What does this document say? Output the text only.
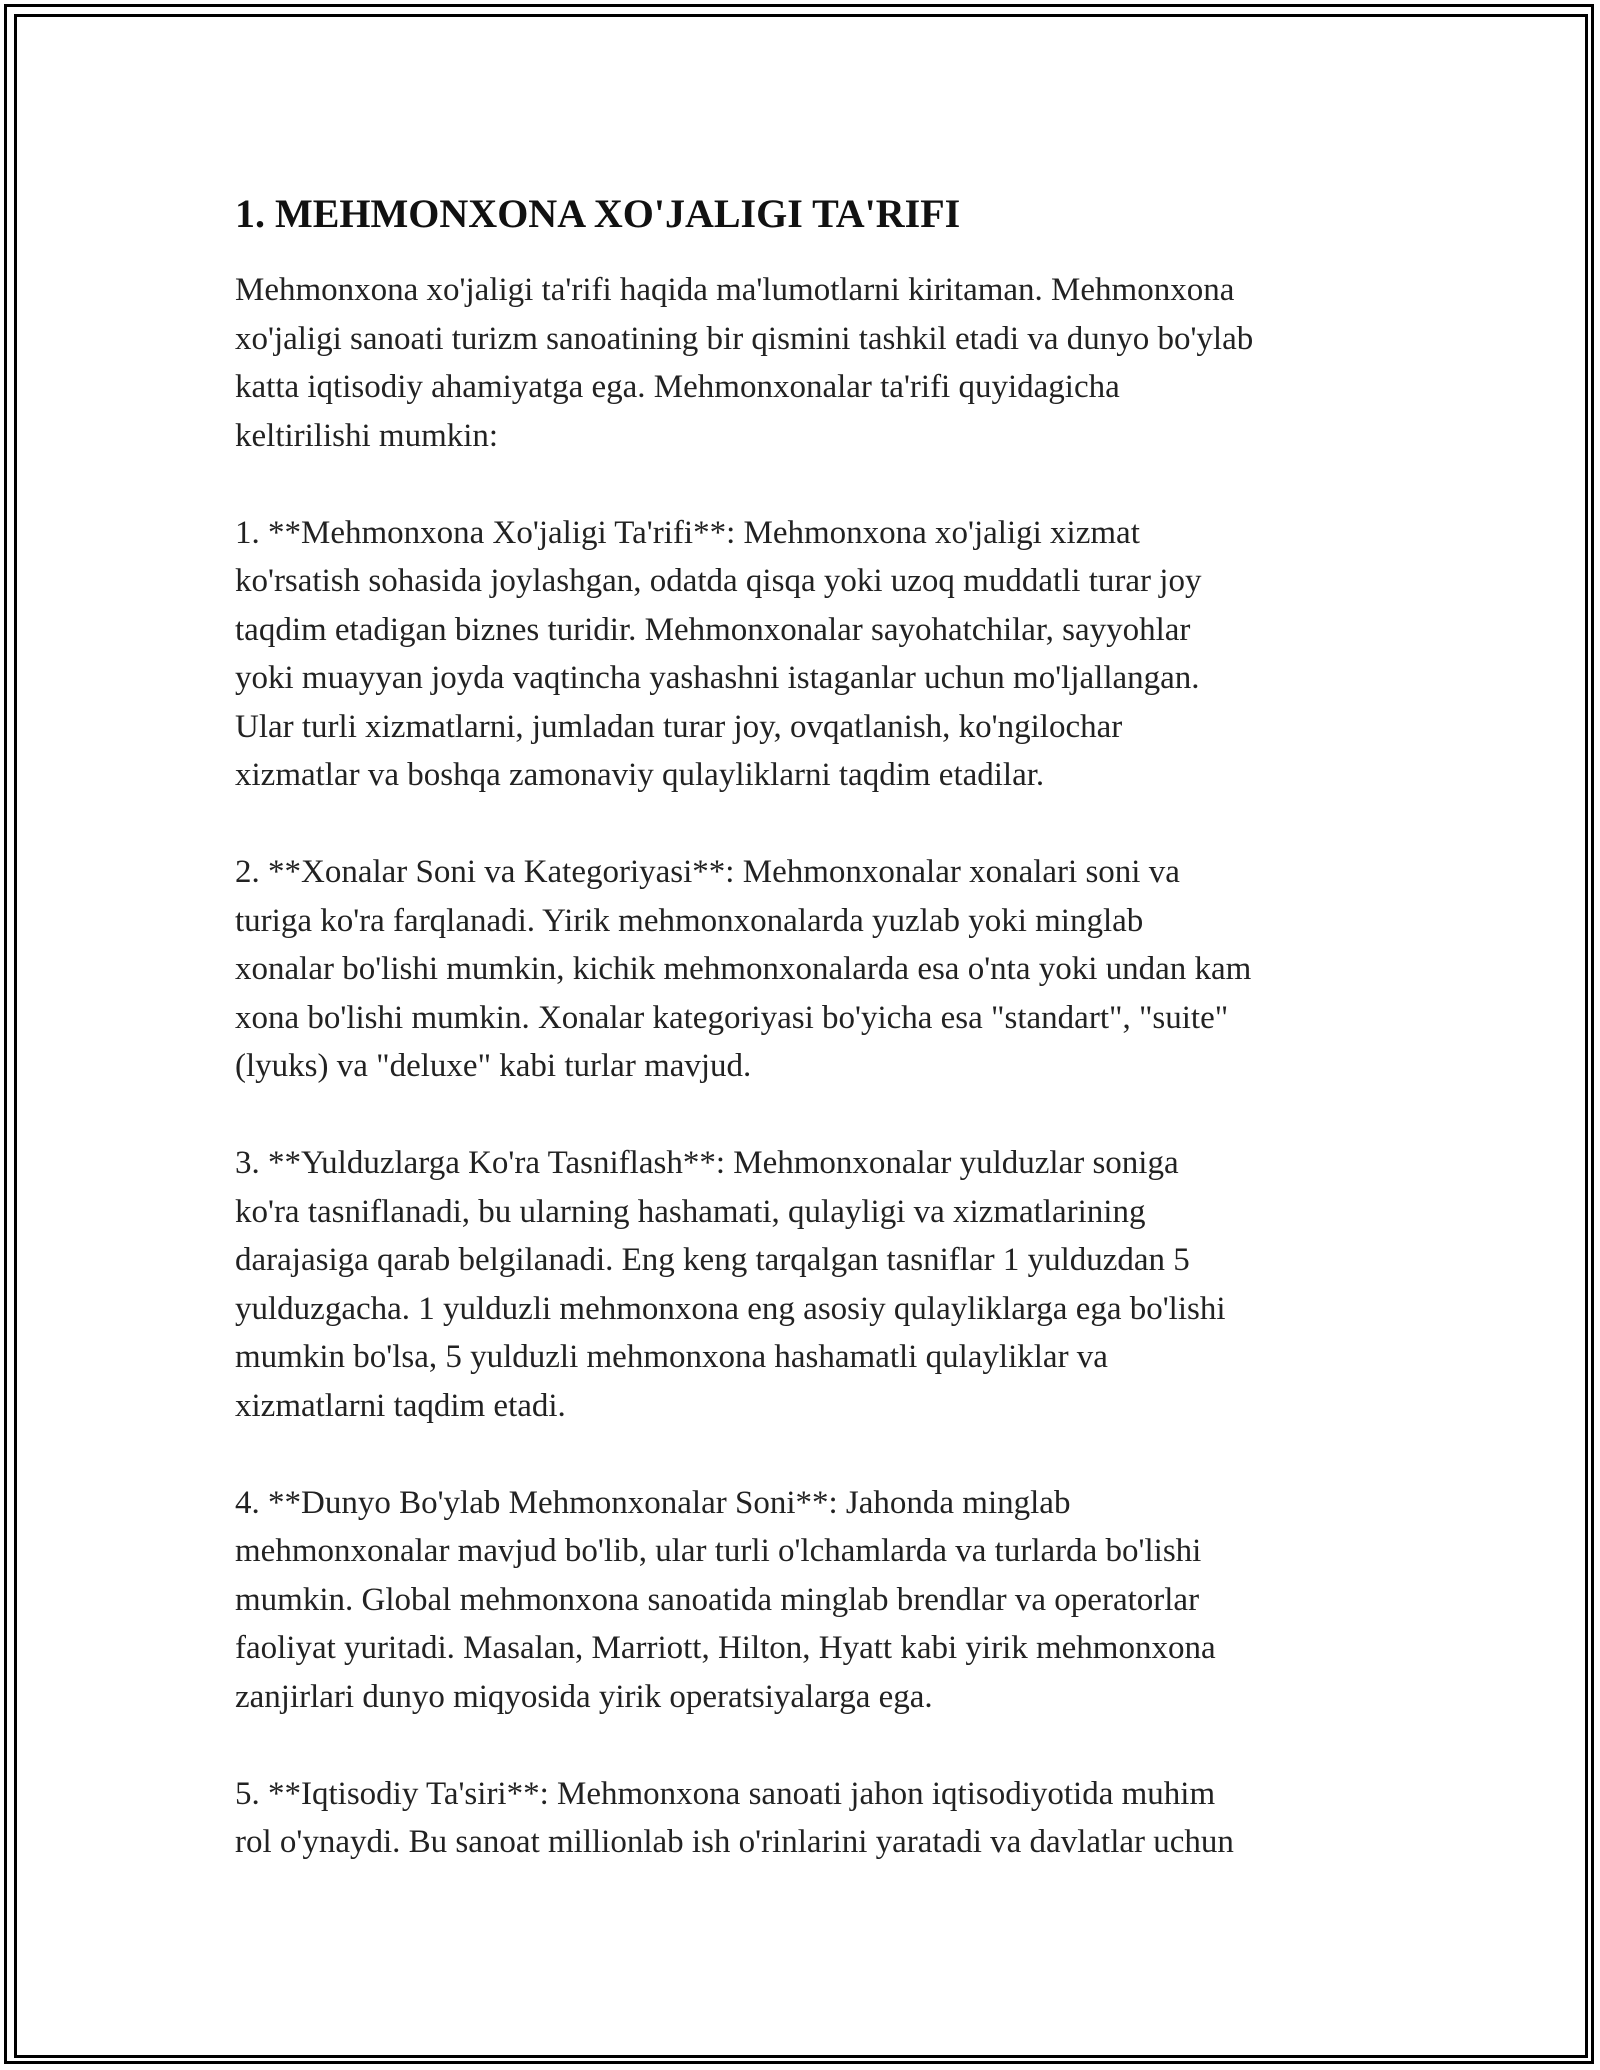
1. MEHMONXONA XO'JALIGI TA'RIFI

Mehmonxona xo'jaligi ta'rifi haqida ma'lumotlarni kiritaman. Mehmonxona
xo'jaligi sanoati turizm sanoatining bir qismini tashkil etadi va dunyo bo'ylab
katta iqtisodiy ahamiyatga ega. Mehmonxonalar ta'rifi quyidagicha
keltirilishi mumkin:

1. **Mehmonxona Xo'jaligi Ta'rifi**: Mehmonxona xo'jaligi xizmat
ko'rsatish sohasida joylashgan, odatda qisqa yoki uzoq muddatli turar joy
taqdim etadigan biznes turidir. Mehmonxonalar sayohatchilar, sayyohlar
yoki muayyan joyda vaqtincha yashashni istaganlar uchun mo'ljallangan.
Ular turli xizmatlarni, jumladan turar joy, ovqatlanish, ko'ngilochar
xizmatlar va boshqa zamonaviy qulayliklarni taqdim etadilar.

2. **Xonalar Soni va Kategoriyasi**: Mehmonxonalar xonalari soni va
turiga ko'ra farqlanadi. Yirik mehmonxonalarda yuzlab yoki minglab
xonalar bo'lishi mumkin, kichik mehmonxonalarda esa o'nta yoki undan kam
xona bo'lishi mumkin. Xonalar kategoriyasi bo'yicha esa "standart", "suite"
(lyuks) va "deluxe" kabi turlar mavjud.

3. **Yulduzlarga Ko'ra Tasniflash**: Mehmonxonalar yulduzlar soniga
ko'ra tasniflanadi, bu ularning hashamati, qulayligi va xizmatlarining
darajasiga qarab belgilanadi. Eng keng tarqalgan tasniflar 1 yulduzdan 5
yulduzgacha. 1 yulduzli mehmonxona eng asosiy qulayliklarga ega bo'lishi
mumkin bo'lsa, 5 yulduzli mehmonxona hashamatli qulayliklar va
xizmatlarni taqdim etadi.

4. **Dunyo Bo'ylab Mehmonxonalar Soni**: Jahonda minglab
mehmonxonalar mavjud bo'lib, ular turli o'lchamlarda va turlarda bo'lishi
mumkin. Global mehmonxona sanoatida minglab brendlar va operatorlar
faoliyat yuritadi. Masalan, Marriott, Hilton, Hyatt kabi yirik mehmonxona
zanjirlari dunyo miqyosida yirik operatsiyalarga ega.

5. **Iqtisodiy Ta'siri**: Mehmonxona sanoati jahon iqtisodiyotida muhim
rol o'ynaydi. Bu sanoat millionlab ish o'rinlarini yaratadi va davlatlar uchun
